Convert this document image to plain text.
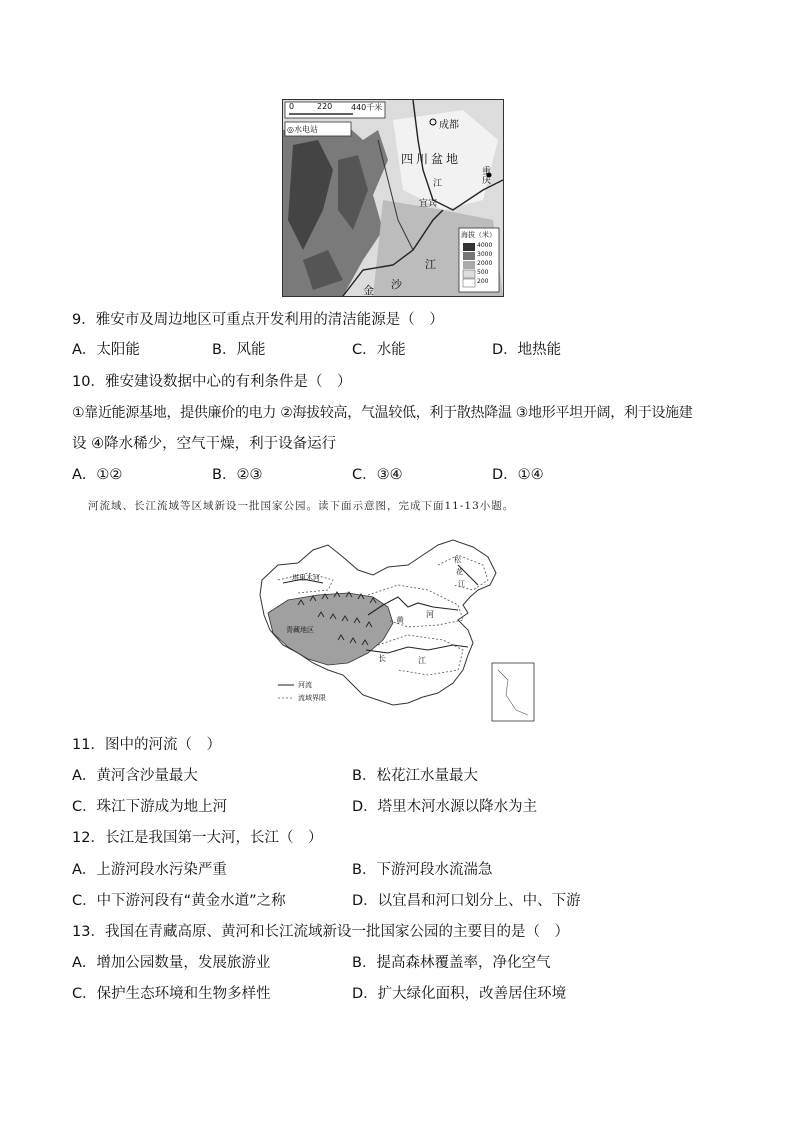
0	220 440千米
◎水电站	成都
四川盆地
重庆
江
宜宾
金 沙
江
海拔（米）
4000
3000
2000
500
200
9．雅安市及周边地区可重点开发利用的清洁能源是（　）
A．太阳能	B．风能	C．水能	D．地热能
10．雅安建设数据中心的有利条件是（　）
①靠近能源基地，提供廉价的电力 ②海拔较高，气温较低，利于散热降温 ③地形平坦开阔，利于设施建
设 ④降水稀少，空气干燥，利于设备运行
A．①②	B．②③	C．③④	D．①④
河流域、长江流域等区域新设一批国家公园。读下面示意图，完成下面11-13小题。
塔里木河
青藏地区
黄
河
长	江
松
花
江
河流
流域界限
11．图中的河流（　）
A．黄河含沙量最大	B．松花江水量最大
C．珠江下游成为地上河	D．塔里木河水源以降水为主
12．长江是我国第一大河，长江（　）
A．上游河段水污染严重	B．下游河段水流湍急
C．中下游河段有“黄金水道”之称	D．以宜昌和河口划分上、中、下游
13．我国在青藏高原、黄河和长江流域新设一批国家公园的主要目的是（　）
A．增加公园数量，发展旅游业	B．提高森林覆盖率，净化空气
C．保护生态环境和生物多样性	D．扩大绿化面积，改善居住环境
